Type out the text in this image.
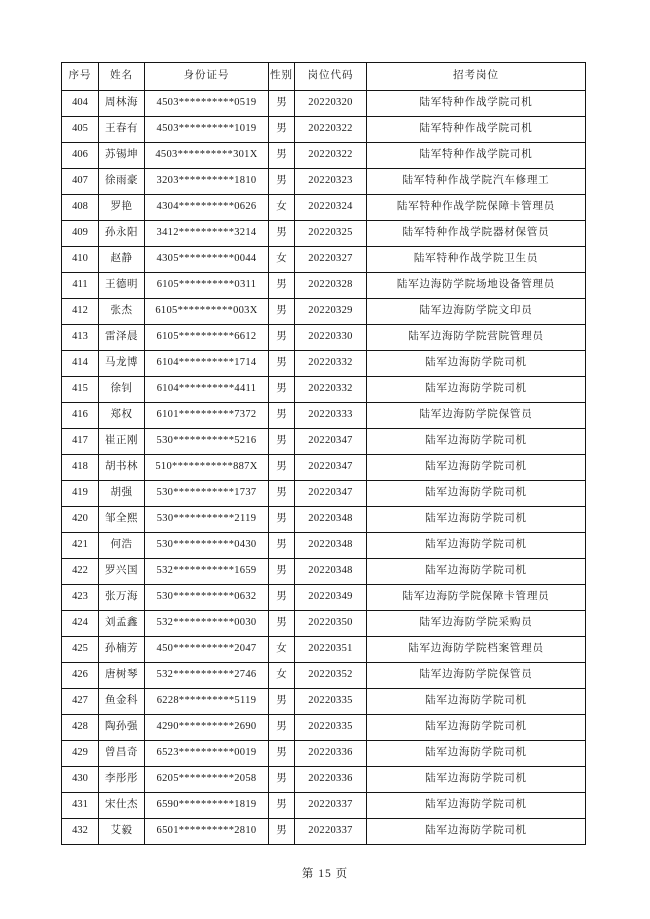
序号	姓名	身份证号	性别	岗位代码	招考岗位
404	周林海	4503**********0519	男	20220320	陆军特种作战学院司机
405	王春有	4503**********1019	男	20220322	陆军特种作战学院司机
406	苏锡坤	4503**********301X	男	20220322	陆军特种作战学院司机
407	徐雨豪	3203**********1810	男	20220323	陆军特种作战学院汽车修理工
408	罗艳	4304**********0626	女	20220324	陆军特种作战学院保障卡管理员
409	孙永阳	3412**********3214	男	20220325	陆军特种作战学院器材保管员
410	赵静	4305**********0044	女	20220327	陆军特种作战学院卫生员
411	王德明	6105**********0311	男	20220328	陆军边海防学院场地设备管理员
412	张杰	6105**********003X	男	20220329	陆军边海防学院文印员
413	雷泽晨	6105**********6612	男	20220330	陆军边海防学院营院管理员
414	马龙博	6104**********1714	男	20220332	陆军边海防学院司机
415	徐钊	6104**********4411	男	20220332	陆军边海防学院司机
416	郑权	6101**********7372	男	20220333	陆军边海防学院保管员
417	崔正刚	530***********5216	男	20220347	陆军边海防学院司机
418	胡书林	510***********887X	男	20220347	陆军边海防学院司机
419	胡强	530***********1737	男	20220347	陆军边海防学院司机
420	邹全熙	530***********2119	男	20220348	陆军边海防学院司机
421	何浩	530***********0430	男	20220348	陆军边海防学院司机
422	罗兴国	532***********1659	男	20220348	陆军边海防学院司机
423	张万海	530***********0632	男	20220349	陆军边海防学院保障卡管理员
424	刘孟鑫	532***********0030	男	20220350	陆军边海防学院采购员
425	孙楠芳	450***********2047	女	20220351	陆军边海防学院档案管理员
426	唐树琴	532***********2746	女	20220352	陆军边海防学院保管员
427	鱼金科	6228**********5119	男	20220335	陆军边海防学院司机
428	陶孙强	4290**********2690	男	20220335	陆军边海防学院司机
429	曾昌奇	6523**********0019	男	20220336	陆军边海防学院司机
430	李彤彤	6205**********2058	男	20220336	陆军边海防学院司机
431	宋仕杰	6590**********1819	男	20220337	陆军边海防学院司机
432	艾毅	6501**********2810	男	20220337	陆军边海防学院司机
第 15 页
